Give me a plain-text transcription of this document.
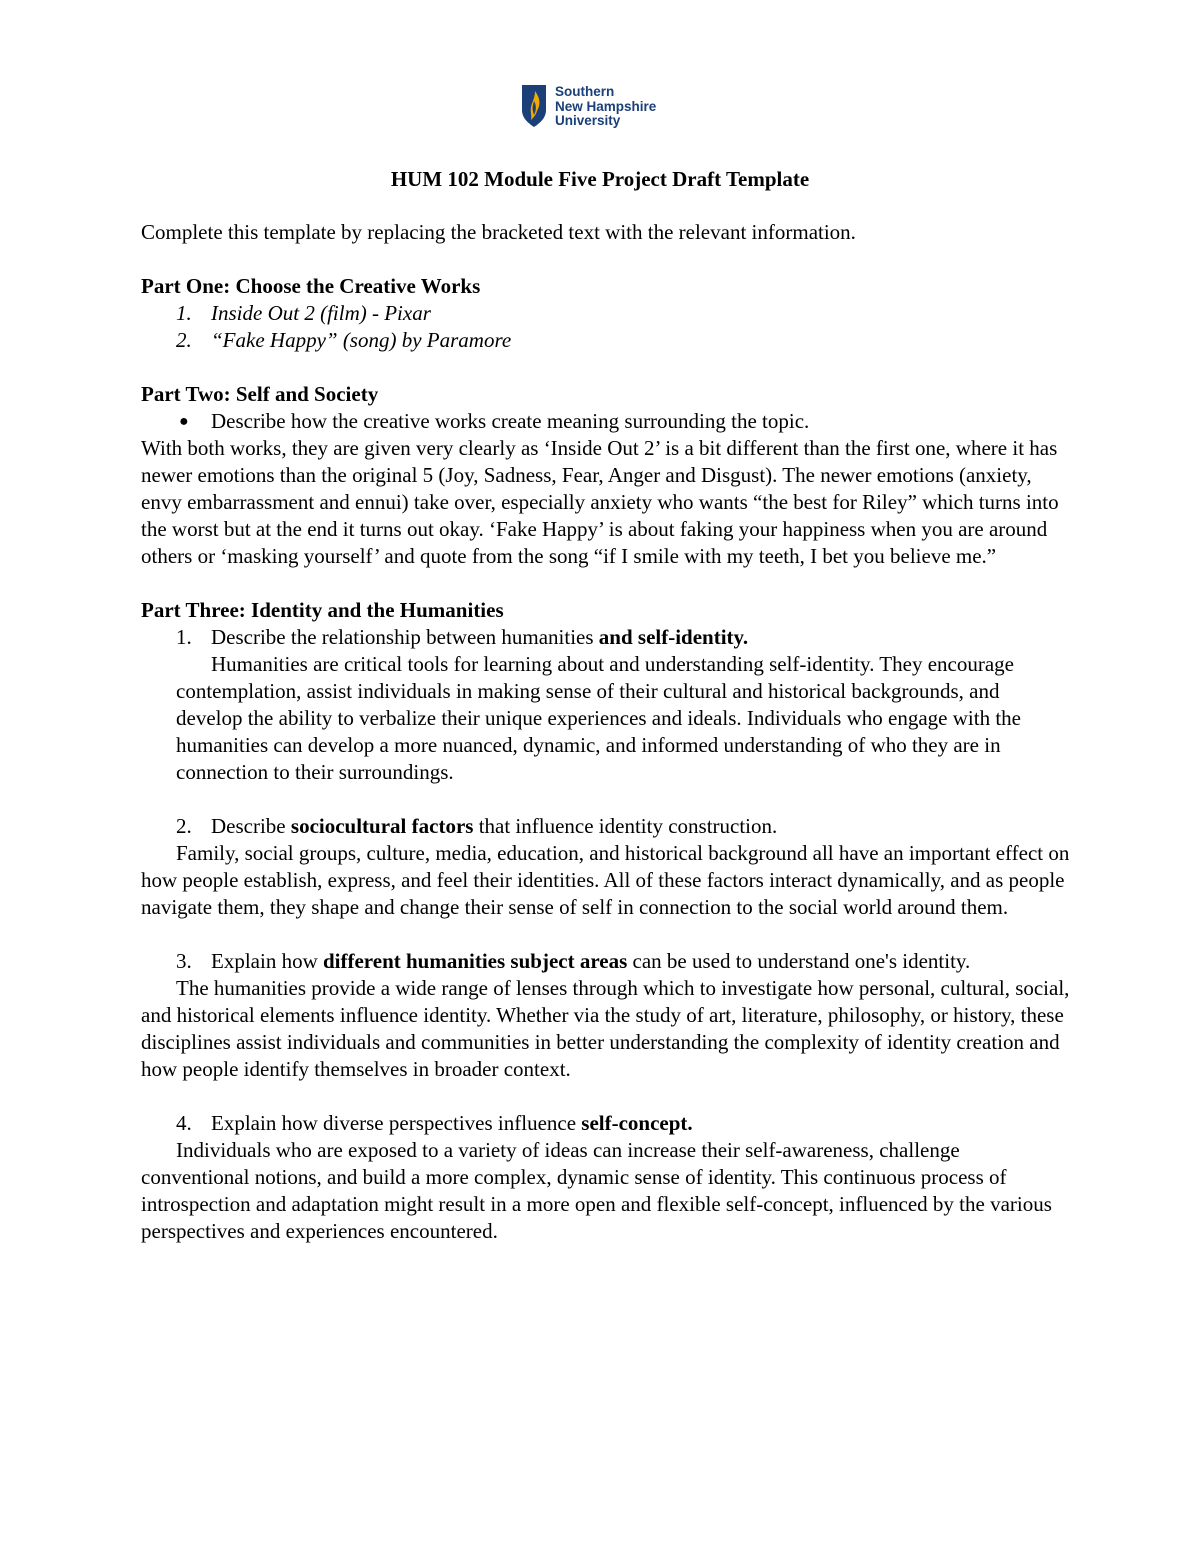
Southern
New Hampshire
University
HUM 102 Module Five Project Draft Template

Complete this template by replacing the bracketed text with the relevant information.

Part One: Choose the Creative Works

1. Inside Out 2 (film) - Pixar
2. “Fake Happy” (song) by Paramore

Part Two: Self and Society

● Describe how the creative works create meaning surrounding the topic.

With both works, they are given very clearly as ‘Inside Out 2’ is a bit different than the first one, where it has newer emotions than the original 5 (Joy, Sadness, Fear, Anger and Disgust). The newer emotions (anxiety, envy embarrassment and ennui) take over, especially anxiety who wants “the best for Riley” which turns into the worst but at the end it turns out okay. ‘Fake Happy’ is about faking your happiness when you are around others or ‘masking yourself’ and quote from the song “if I smile with my teeth, I bet you believe me.”

Part Three: Identity and the Humanities

1. Describe the relationship between humanities and self-identity.

Humanities are critical tools for learning about and understanding self-identity. They encourage contemplation, assist individuals in making sense of their cultural and historical backgrounds, and develop the ability to verbalize their unique experiences and ideals. Individuals who engage with the humanities can develop a more nuanced, dynamic, and informed understanding of who they are in connection to their surroundings.

2. Describe sociocultural factors that influence identity construction.

Family, social groups, culture, media, education, and historical background all have an important effect on how people establish, express, and feel their identities. All of these factors interact dynamically, and as people navigate them, they shape and change their sense of self in connection to the social world around them.

3. Explain how different humanities subject areas can be used to understand one's identity.

The humanities provide a wide range of lenses through which to investigate how personal, cultural, social, and historical elements influence identity. Whether via the study of art, literature, philosophy, or history, these disciplines assist individuals and communities in better understanding the complexity of identity creation and how people identify themselves in broader context.

4. Explain how diverse perspectives influence self-concept.

Individuals who are exposed to a variety of ideas can increase their self-awareness, challenge conventional notions, and build a more complex, dynamic sense of identity. This continuous process of introspection and adaptation might result in a more open and flexible self-concept, influenced by the various perspectives and experiences encountered.
